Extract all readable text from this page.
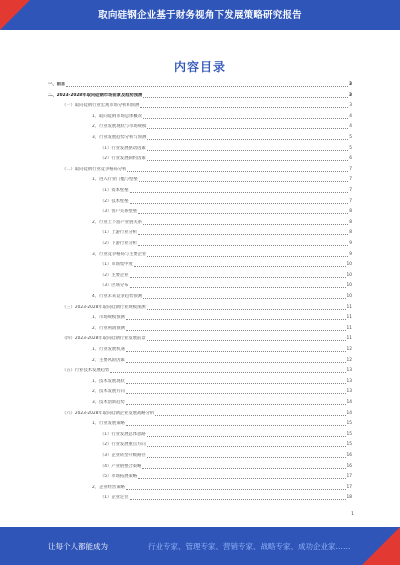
取向硅钢企业基于财务视角下发展策略研究报告
内容目录
一、前言	3
二、2023-2028年取向硅钢市场前景及趋势预测	3
（一）取向硅钢行业宏观市场分析和预测	3
1、取向硅钢市场总体概况	4
2、行业发展现状与市场规模	4
3、行业发展趋势分析与预测	5
（1）行业发展驱动因素	5
（2）行业发展制约因素	6
（二）取向硅钢行业竞争格局分析	7
1、进入行业门槛与壁垒	7
（1）资本壁垒	7
（2）技术壁垒	7
（3）客户关系壁垒	8
2、行业上下游产业链关系	8
（1）上游行业分析	8
（2）下游行业分析	9
3、行业竞争格局与主要企业	9
（1）市场集中度	10
（2）主要企业	10
（3）区域分布	10
4、行业未来竞争趋势预测	10
（三）2023-2028年取向硅钢行业规模预测	11
1、市场规模预测	11
2、行业利润预测	11
（四）2023-2028年取向硅钢行业发展前景	11
1、行业发展机遇	12
2、主要风险因素	12
（五）行业技术发展趋势	13
1、技术发展现状	13
2、技术发展方向	13
3、技术创新趋势	14
（六）2023-2028年取向硅钢企业发展战略分析	14
1、行业发展策略	15
（1）行业发展总体思路	15
（2）行业发展重点方向	15
（3）企业转型升级路径	16
（4）产业链整合策略	16
（5）市场拓展策略	17
2、企业经营策略	17
（1）企业定位	18
1
让每个人都能成为	行业专家、管理专家、营销专家、战略专家、成功企业家……
